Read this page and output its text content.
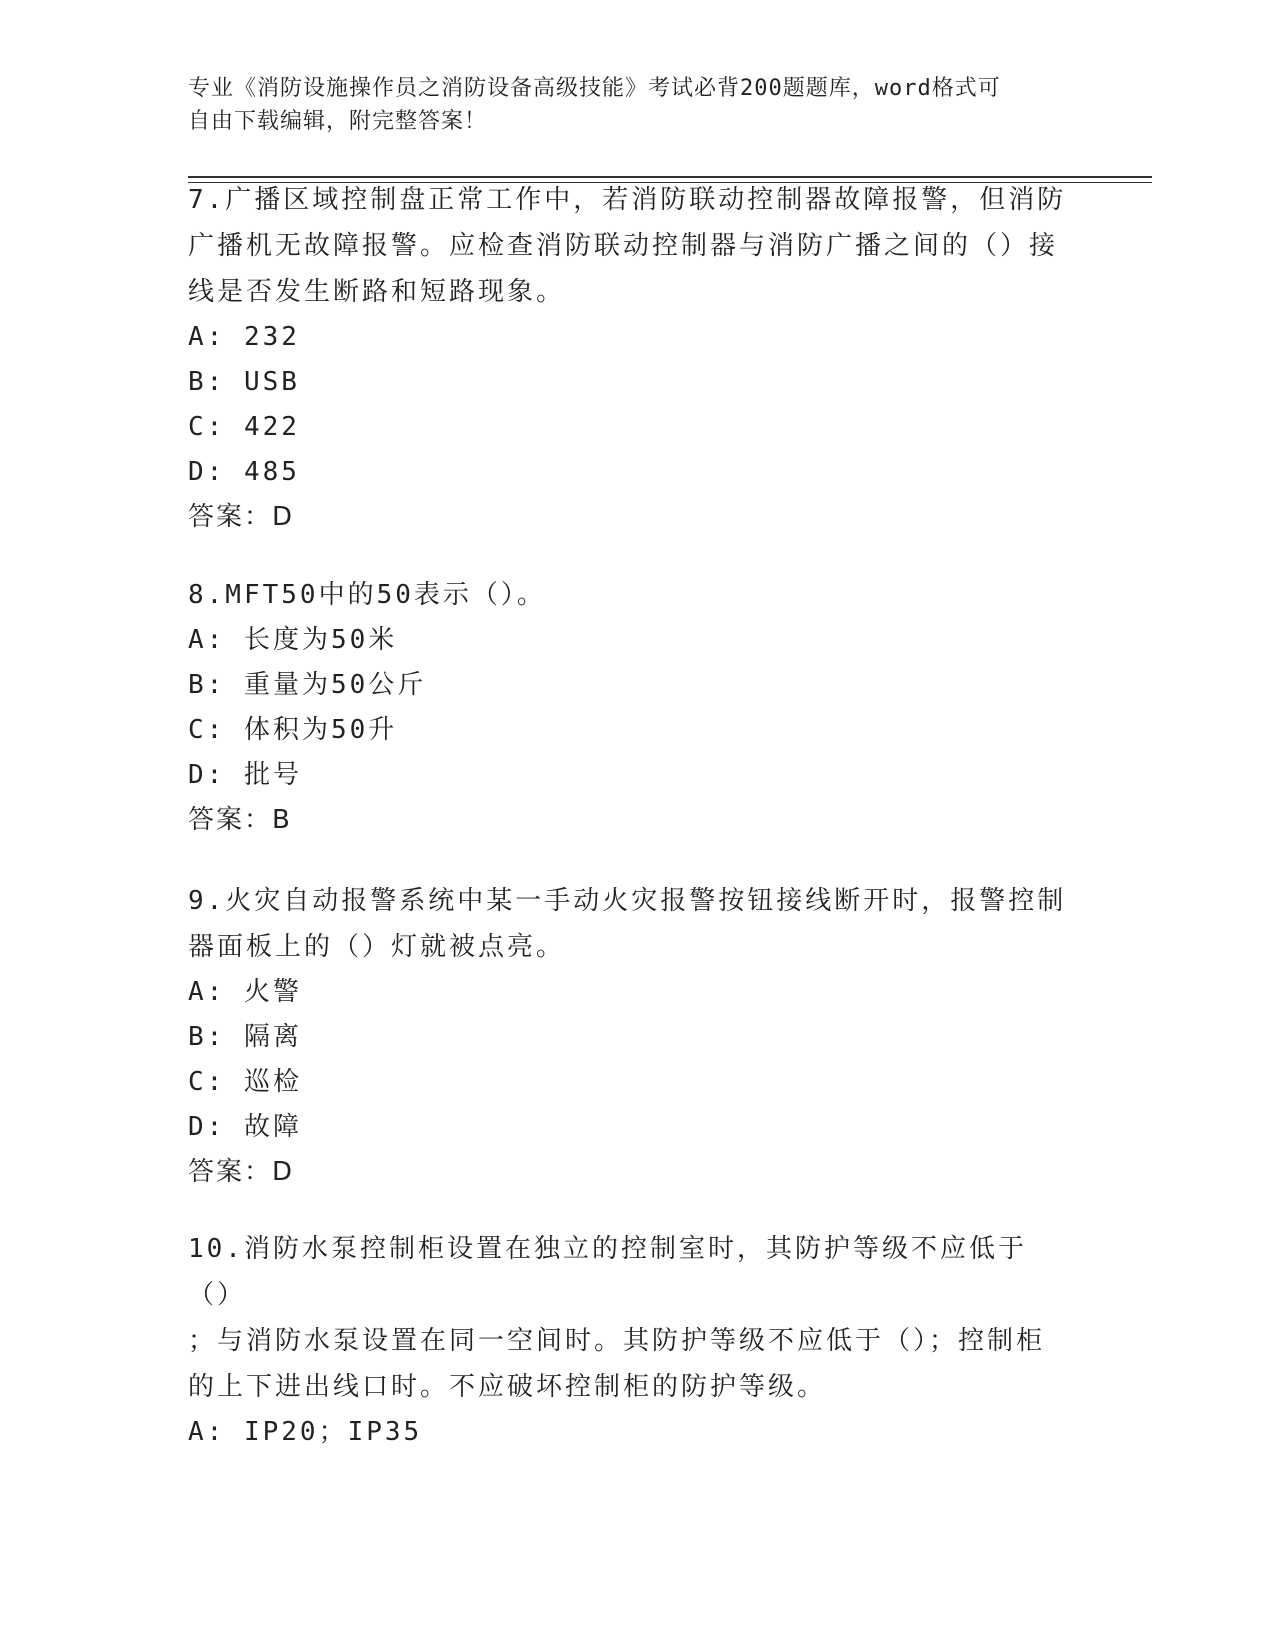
专业《消防设施操作员之消防设备高级技能》考试必背200题题库，word格式可
自由下载编辑，附完整答案！

7.广播区域控制盘正常工作中，若消防联动控制器故障报警，但消防

广播机无故障报警。应检查消防联动控制器与消防广播之间的（）接

线是否发生断路和短路现象。

A: 232

B: USB

C: 422

D: 485

答案：D

8.MFT50中的50表示（）。

A: 长度为50米

B: 重量为50公斤

C: 体积为50升

D: 批号

答案：B

9.火灾自动报警系统中某一手动火灾报警按钮接线断开时，报警控制

器面板上的（）灯就被点亮。

A: 火警

B: 隔离

C: 巡检

D: 故障

答案：D

10.消防水泵控制柜设置在独立的控制室时，其防护等级不应低于（）

；与消防水泵设置在同一空间时。其防护等级不应低于（）；控制柜

的上下进出线口时。不应破坏控制柜的防护等级。

A: IP20；IP35
